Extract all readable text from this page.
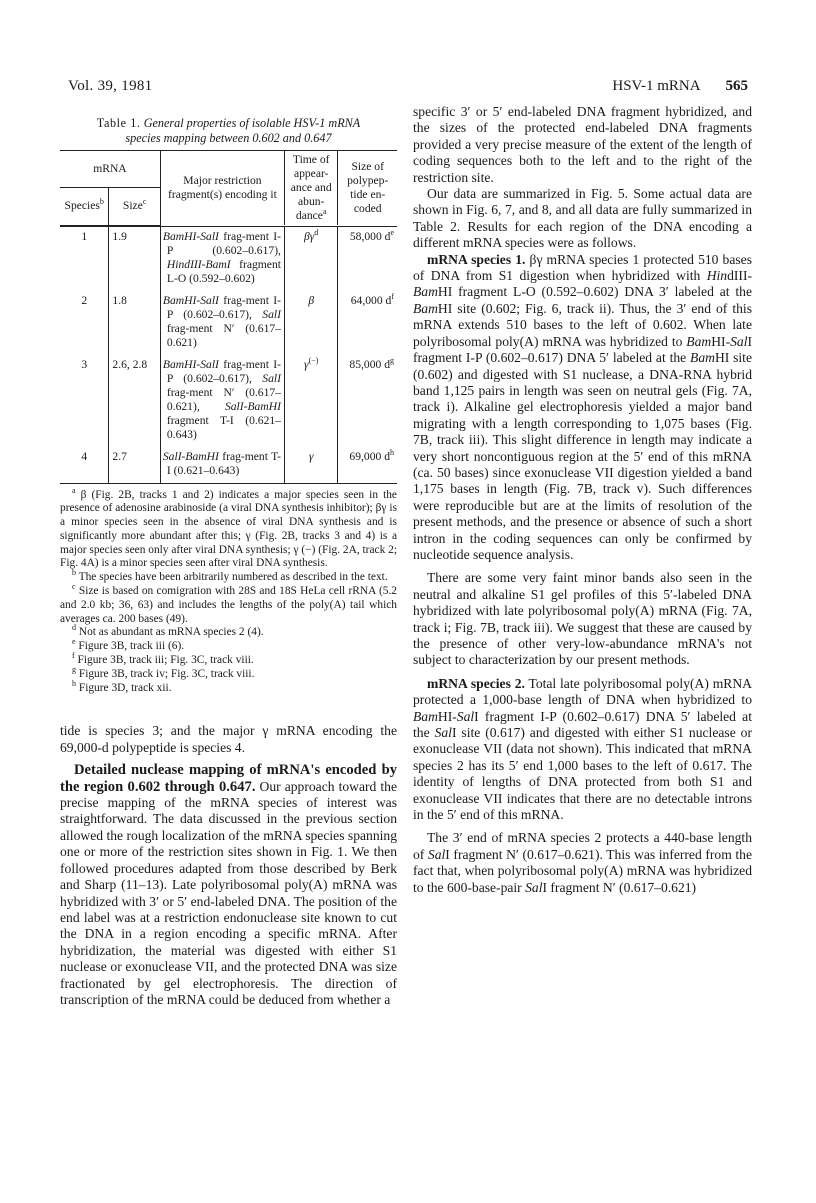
Vol. 39, 1981	HSV-1 mRNA 565
Table 1. General properties of isolable HSV-1 mRNA species mapping between 0.602 and 0.647
mRNA		Major restriction fragment(s) encoding it	Time of appear-ance and abun-dance$^a$	Size of polypep-tide en-coded
Species$^b$	Size$^c$

1	1.9	BamHI-SalI frag-ment I-P (0.602–0.617), HindIII-BamI fragment L-O (0.592–0.602)	$\beta\gamma^d$	58,000 $d^e$
2	1.8	BamHI-SalI frag-ment I-P (0.602–0.617), SalI frag-ment N′ (0.617–0.621)	β	64,000 $d^f$
3	2.6, 2.8	BamHI-SalI frag-ment I-P (0.602–0.617), SalI frag-ment N′ (0.617–0.621), SalI-BamHI fragment T-I (0.621–0.643)	γ(−)	85,000 $d^g$
4	2.7	SalI-BamHI frag-ment T-I (0.621–0.643)	γ	69,000 $d^h$

$^a$ β (Fig. 2B, tracks 1 and 2) indicates a major species seen in the presence of adenosine arabinoside (a viral DNA synthesis inhibitor); βγ is a minor species seen in the absence of viral DNA synthesis and is significantly more abundant after this; γ (Fig. 2B, tracks 3 and 4) is a major species seen only after viral DNA synthesis; γ (−) (Fig. 2A, track 2; Fig. 4A) is a minor species seen after viral DNA synthesis.

$^b$ The species have been arbitrarily numbered as described in the text.

$^c$ Size is based on comigration with 28S and 18S HeLa cell rRNA (5.2 and 2.0 kb; 36, 63) and includes the lengths of the poly(A) tail which averages ca. 200 bases (49).

$^d$ Not as abundant as mRNA species 2 (4).

$^e$ Figure 3B, track iii (6).

$^f$ Figure 3B, track iii; Fig. 3C, track viii.

$^g$ Figure 3B, track iv; Fig. 3C, track viii.

$^h$ Figure 3D, track xii.

tide is species 3; and the major γ mRNA encoding the 69,000-d polypeptide is species 4.

Detailed nuclease mapping of mRNA's encoded by the region 0.602 through 0.647. Our approach toward the precise mapping of the mRNA species of interest was straightforward. The data discussed in the previous section allowed the rough localization of the mRNA species spanning one or more of the restriction sites shown in Fig. 1. We then followed procedures adapted from those described by Berk and Sharp (11–13). Late polyribosomal poly(A) mRNA was hybridized with 3′ or 5′ end-labeled DNA. The position of the end label was at a restriction endonuclease site known to cut the DNA in a region encoding a specific mRNA. After hybridization, the material was digested with either S1 nuclease or exonuclease VII, and the protected DNA was size fractionated by gel electrophoresis. The direction of transcription of the mRNA could be deduced from whether a

specific 3′ or 5′ end-labeled DNA fragment hybridized, and the sizes of the protected end-labeled DNA fragments provided a very precise measure of the extent of the length of coding sequences both to the left and to the right of the restriction site.

Our data are summarized in Fig. 5. Some actual data are shown in Fig. 6, 7, and 8, and all data are fully summarized in Table 2. Results for each region of the DNA encoding a different mRNA species were as follows.

mRNA species 1. βγ mRNA species 1 protected 510 bases of DNA from S1 digestion when hybridized with HindIII-BamHI fragment L-O (0.592–0.602) DNA 3′ labeled at the BamHI site (0.602; Fig. 6, track ii). Thus, the 3′ end of this mRNA extends 510 bases to the left of 0.602. When late polyribosomal poly(A) mRNA was hybridized to BamHI-SalI fragment I-P (0.602–0.617) DNA 5′ labeled at the BamHI site (0.602) and digested with S1 nuclease, a DNA-RNA hybrid band 1,125 pairs in length was seen on neutral gels (Fig. 7A, track i). Alkaline gel electrophoresis yielded a major band migrating with a length corresponding to 1,075 bases (Fig. 7B, track iii). This slight difference in length may indicate a very short noncontiguous region at the 5′ end of this mRNA (ca. 50 bases) since exonuclease VII digestion yielded a band 1,175 bases in length (Fig. 7B, track v). Such differences were reproducible but are at the limits of resolution of the present methods, and the presence or absence of such a short intron in the coding sequences can only be confirmed by nucleotide sequence analysis.

There are some very faint minor bands also seen in the neutral and alkaline S1 gel profiles of this 5′-labeled DNA hybridized with late polyribosomal poly(A) mRNA (Fig. 7A, track i; Fig. 7B, track iii). We suggest that these are caused by the presence of other very-low-abundance mRNA's not subject to characterization by our present methods.

mRNA species 2. Total late polyribosomal poly(A) mRNA protected a 1,000-base length of DNA when hybridized to BamHI-SalI fragment I-P (0.602–0.617) DNA 5′ labeled at the SalI site (0.617) and digested with either S1 nuclease or exonuclease VII (data not shown). This indicated that mRNA species 2 has its 5′ end 1,000 bases to the left of 0.617. The identity of lengths of DNA protected from both S1 and exonuclease VII indicates that there are no detectable introns in the 5′ end of this mRNA.

The 3′ end of mRNA species 2 protects a 440-base length of SalI fragment N′ (0.617–0.621). This was inferred from the fact that, when polyribosomal poly(A) mRNA was hybridized to the 600-base-pair SalI fragment N′ (0.617–0.621)
